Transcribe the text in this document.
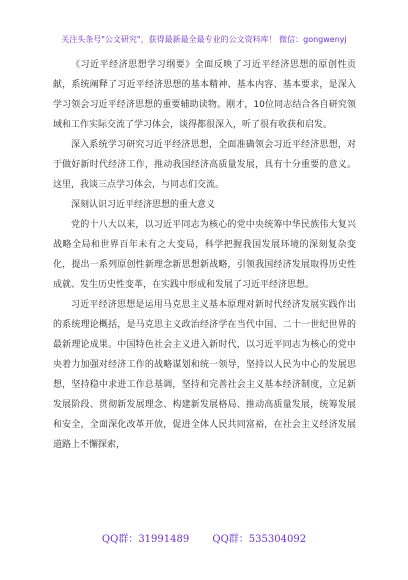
关注头条号"公文研究"，获得最新最全最专业的公文资料库！ 微信：gongwenyj

《习近平经济思想学习纲要》全面反映了习近平经济思想的原创性贡献，系统阐释了习近平经济思想的基本精神、基本内容、基本要求，是深入学习领会习近平经济思想的重要辅助读物。刚才，10位同志结合各自研究领域和工作实际交流了学习体会，谈得都很深入，听了很有收获和启发。

深入系统学习研究习近平经济思想，全面准确领会习近平经济思想，对于做好新时代经济工作，推动我国经济高质量发展，具有十分重要的意义。这里，我谈三点学习体会，与同志们交流。

深刻认识习近平经济思想的重大意义

党的十八大以来，以习近平同志为核心的党中央统筹中华民族伟大复兴战略全局和世界百年未有之大变局，科学把握我国发展环境的深刻复杂变化，提出一系列原创性新理念新思想新战略，引领我国经济发展取得历史性成就、发生历史性变革，在实践中形成和发展了习近平经济思想。

习近平经济思想是运用马克思主义基本原理对新时代经济发展实践作出的系统理论概括，是马克思主义政治经济学在当代中国、二十一世纪世界的最新理论成果。中国特色社会主义进入新时代，以习近平同志为核心的党中央着力加强对经济工作的战略谋划和统一领导，坚持以人民为中心的发展思想，坚持稳中求进工作总基调，坚持和完善社会主义基本经济制度，立足新发展阶段、贯彻新发展理念、构建新发展格局、推动高质量发展，统筹发展和安全，全面深化改革开放，促进全体人民共同富裕，在社会主义经济发展道路上不懈探索，

QQ群：31991489 QQ群：535304092
